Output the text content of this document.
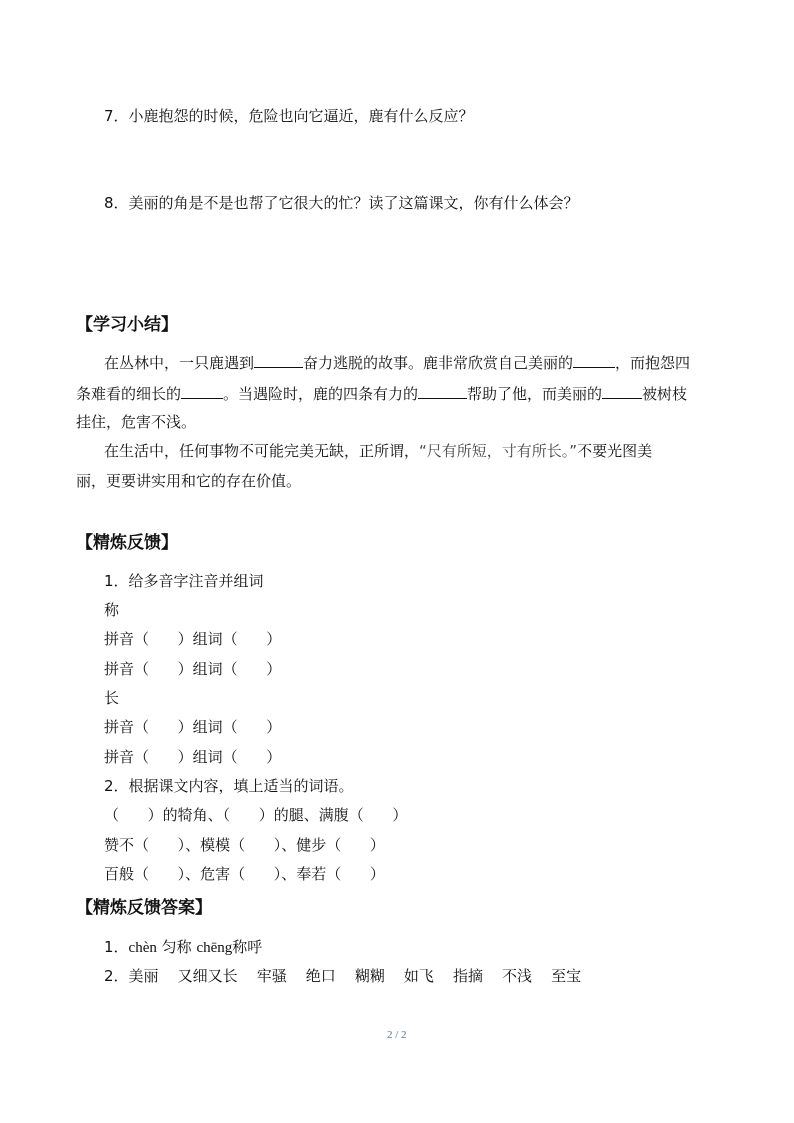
7．小鹿抱怨的时候，危险也向它逼近，鹿有什么反应？
8．美丽的角是不是也帮了它很大的忙？读了这篇课文，你有什么体会？
【学习小结】
在丛林中，一只鹿遇到	奋力逃脱的故事。鹿非常欣赏自己美丽的	，而抱怨四
条难看的细长的	。当遇险时，鹿的四条有力的	帮助了他，而美丽的	被树枝
挂住，危害不浅。
在生活中，任何事物不可能完美无缺，正所谓，“尺有所短，寸有所长。”不要光图美
丽，更要讲实用和它的存在价值。
【精炼反馈】
1．给多音字注音并组词
称
拼音（      ）组词（      ）
拼音（      ）组词（      ）
长
拼音（      ）组词（      ）
拼音（      ）组词（      ）
2．根据课文内容，填上适当的词语。
（      ）的犄角、（      ）的腿、满腹（      ）
赞不（      ）、模模（      ）、健步（      ）
百般（      ）、危害（      ）、奉若（      ）
【精炼反馈答案】
1．chèn 匀称 chēng称呼
2．美丽    又细又长    牢骚    绝口    糊糊    如飞    指摘    不浅    至宝
2 / 2
